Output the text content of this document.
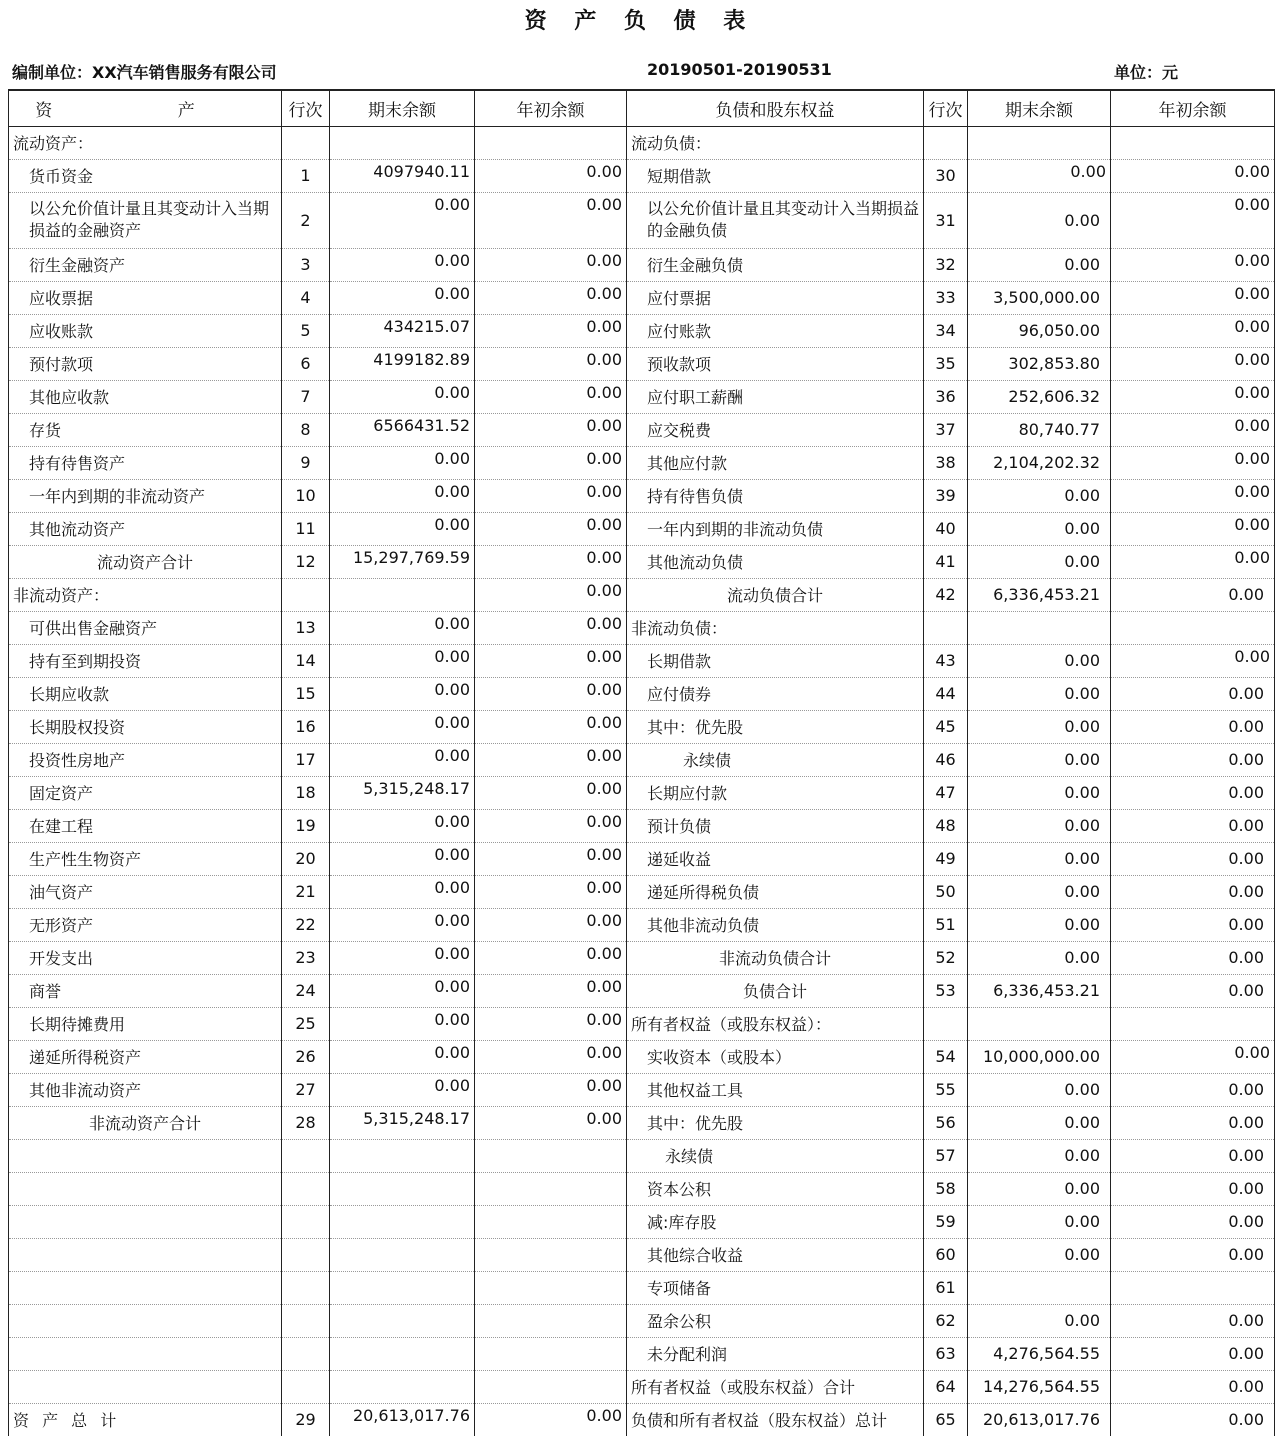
资 产 负 债 表
编制单位：XX汽车销售服务有限公司	20190501-20190531	单位：元
资 产	行次	期末余额	年初余额	负债和股东权益	行次	期末余额	年初余额
流动资产：				流动负债：			
货币资金	1	4097940.11	0.00	短期借款	30	0.00	0.00
以公允价值计量且其变动计入当期损益的金融资产	2	0.00	0.00	以公允价值计量且其变动计入当期损益的金融负债	31	0.00	0.00
衍生金融资产	3	0.00	0.00	衍生金融负债	32	0.00	0.00
应收票据	4	0.00	0.00	应付票据	33	3,500,000.00	0.00
应收账款	5	434215.07	0.00	应付账款	34	96,050.00	0.00
预付款项	6	4199182.89	0.00	预收款项	35	302,853.80	0.00
其他应收款	7	0.00	0.00	应付职工薪酬	36	252,606.32	0.00
存货	8	6566431.52	0.00	应交税费	37	80,740.77	0.00
持有待售资产	9	0.00	0.00	其他应付款	38	2,104,202.32	0.00
一年内到期的非流动资产	10	0.00	0.00	持有待售负债	39	0.00	0.00
其他流动资产	11	0.00	0.00	一年内到期的非流动负债	40	0.00	0.00
流动资产合计	12	15,297,769.59	0.00	其他流动负债	41	0.00	0.00
非流动资产：			0.00	流动负债合计	42	6,336,453.21	0.00
可供出售金融资产	13	0.00	0.00	非流动负债：			
持有至到期投资	14	0.00	0.00	长期借款	43	0.00	0.00
长期应收款	15	0.00	0.00	应付债券	44	0.00	0.00
长期股权投资	16	0.00	0.00	其中：优先股	45	0.00	0.00
投资性房地产	17	0.00	0.00	永续债	46	0.00	0.00
固定资产	18	5,315,248.17	0.00	长期应付款	47	0.00	0.00
在建工程	19	0.00	0.00	预计负债	48	0.00	0.00
生产性生物资产	20	0.00	0.00	递延收益	49	0.00	0.00
油气资产	21	0.00	0.00	递延所得税负债	50	0.00	0.00
无形资产	22	0.00	0.00	其他非流动负债	51	0.00	0.00
开发支出	23	0.00	0.00	非流动负债合计	52	0.00	0.00
商誉	24	0.00	0.00	负债合计	53	6,336,453.21	0.00
长期待摊费用	25	0.00	0.00	所有者权益（或股东权益）：			
递延所得税资产	26	0.00	0.00	实收资本（或股本）	54	10,000,000.00	0.00
其他非流动资产	27	0.00	0.00	其他权益工具	55	0.00	0.00
非流动资产合计	28	5,315,248.17	0.00	其中：优先股	56	0.00	0.00
				永续债	57	0.00	0.00
				资本公积	58	0.00	0.00
				减:库存股	59	0.00	0.00
				其他综合收益	60	0.00	0.00
				专项储备	61		
				盈余公积	62	0.00	0.00
				未分配利润	63	4,276,564.55	0.00
				所有者权益（或股东权益）合计	64	14,276,564.55	0.00
资 产 总 计	29	20,613,017.76	0.00	负债和所有者权益（股东权益）总计	65	20,613,017.76	0.00
